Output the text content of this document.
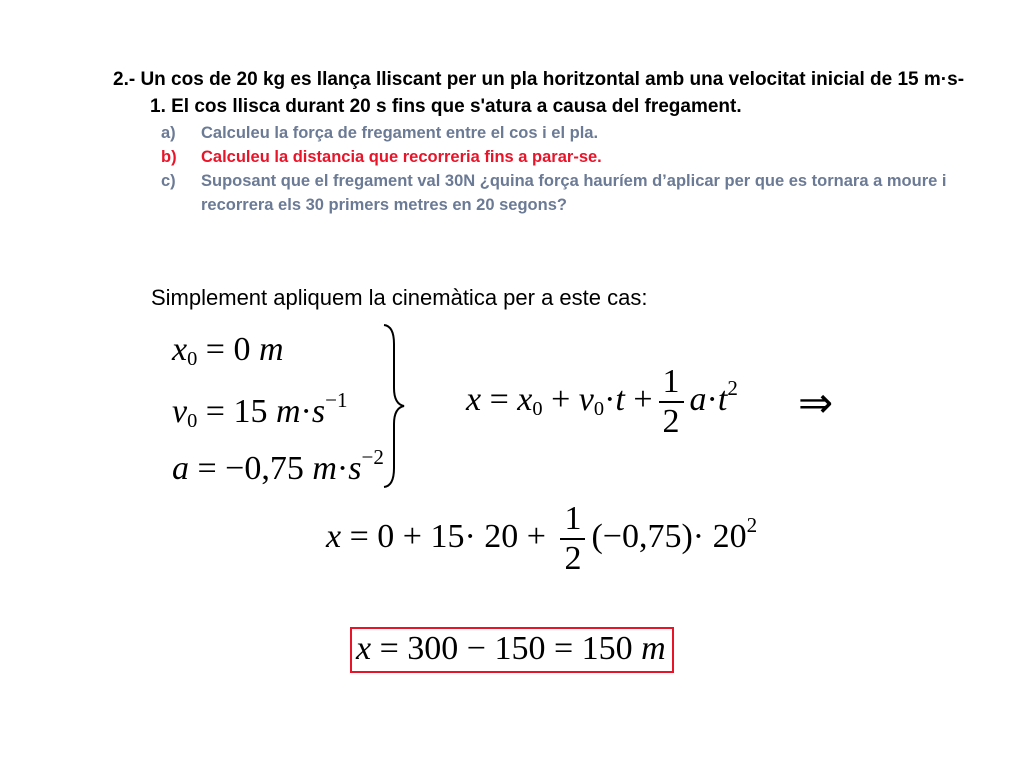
2.- Un cos de 20 kg es llança lliscant per un pla horitzontal amb una velocitat inicial de 15 m·s-1. El cos llisca durant 20 s fins que s'atura a causa del fregament.
a)	Calculeu la força de fregament entre el cos i el pla.
b)	Calculeu la distancia que recorreria fins a parar-se.
c)	Suposant que el fregament val 30N ¿quina força hauríem d’aplicar per que es tornara a moure i recorrera els 30 primers metres en 20 segons?
Simplement apliquem la cinemàtica per a este cas:
$x_0 = 0$ m
$v_0 = 15$ $m\cdot s^{-1}$
a = −0,75 $m\cdot s^{-2}$
$x = x_0 + v_0\cdot t + \frac{1}{2} a\cdot t^2$ ⇒
$x = 0 + 15\cdot 20 + \frac{1}{2} (-0,75)\cdot 20^2$
x = 300 − 150 = 150 m
